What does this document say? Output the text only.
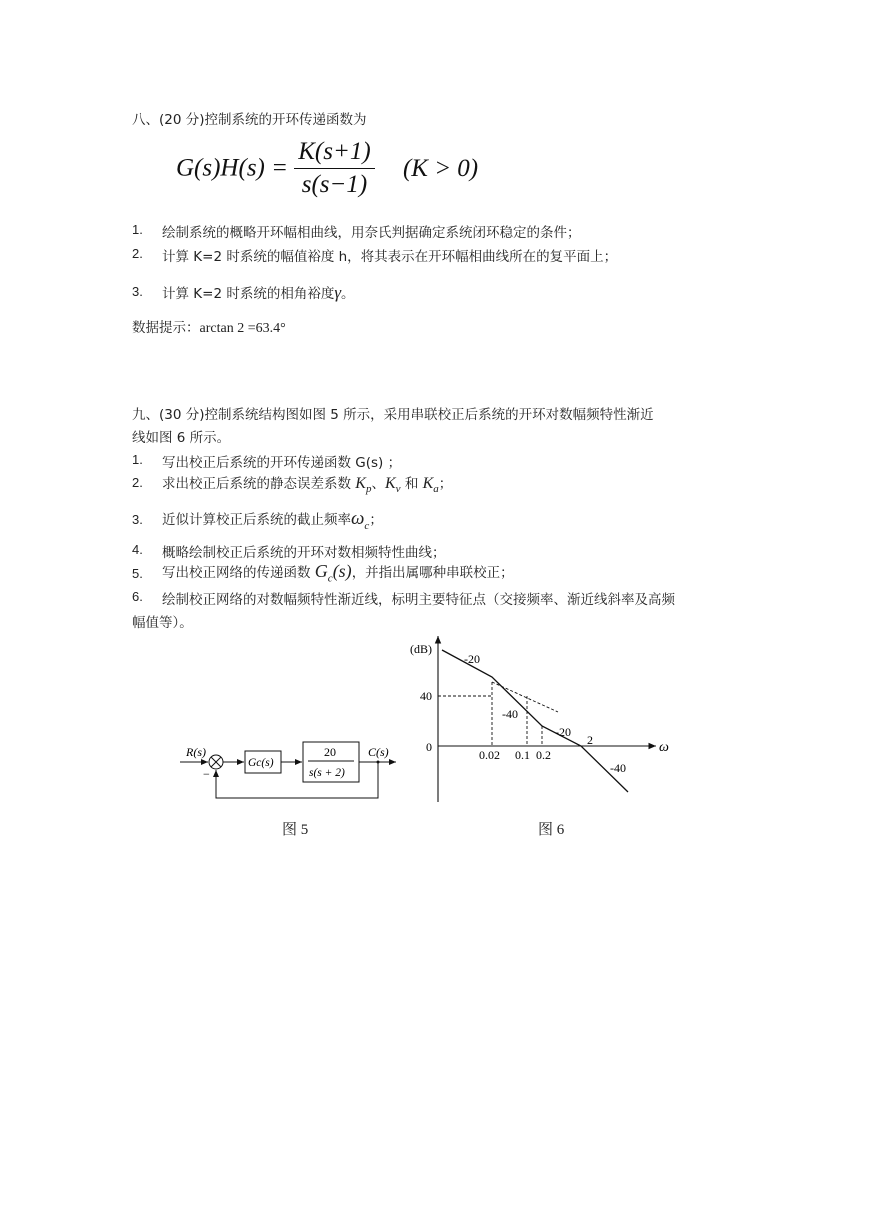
八、(20 分)控制系统的开环传递函数为
$G(s)H(s) = \frac{K(s+1)}{s(s-1)} (K > 0)$
1. 绘制系统的概略开环幅相曲线，用奈氏判据确定系统闭环稳定的条件；
2. 计算 K=2 时系统的幅值裕度 h，将其表示在开环幅相曲线所在的复平面上；
3. 计算 K=2 时系统的相角裕度γ。
数据提示：arctan 2 =63.4°
九、(30 分)控制系统结构图如图 5 所示，采用串联校正后系统的开环对数幅频特性渐近
线如图 6 所示。
1. 写出校正后系统的开环传递函数 G(s) ；
2. 求出校正后系统的静态误差系数 $K_p$、$K_v$ 和 $K_a$；
3. 近似计算校正后系统的截止频率$\omega_c$；
4. 概略绘制校正后系统的开环对数相频特性曲线；
5. 写出校正网络的传递函数 $G_c(s)$，并指出属哪种串联校正；
6. 绘制校正网络的对数幅频特性渐近线，标明主要特征点（交接频率、渐近线斜率及高频
幅值等）。
R(s)
−
Gc(s)
20
s(s + 2)
C(s)
图 5
(dB)
ω
40
0
0.02 0.1 0.2
2
-20
-40
-20
-40
图 6
